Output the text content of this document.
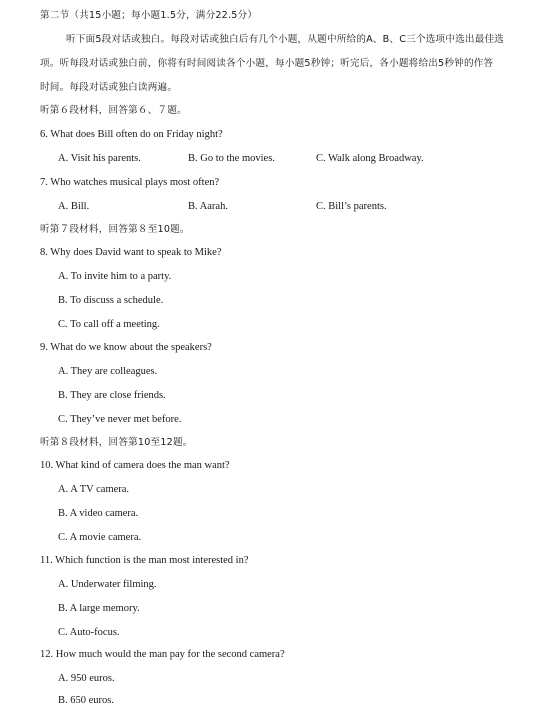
第二节（共15小题；每小题1.5分，满分22.5分）
听下面5段对话或独白。每段对话或独白后有几个小题，从题中所给的A、B、C三个选项中选出最佳选
项。听每段对话或独白前，你将有时间阅读各个小题，每小题5秒钟；听完后，各小题将给出5秒钟的作答
时间。每段对话或独白读两遍。
听第６段材料，回答第６、７题。
6. What does Bill often do on Friday night?
A. Visit his parents.	B. Go to the movies.	C. Walk along Broadway.
7. Who watches musical plays most often?
A. Bill.	B. Aarah.	C. Bill’s parents.
听第７段材料，回答第８至10题。
8. Why does David want to speak to Mike?
A. To invite him to a party.
B. To discuss a schedule.
C. To call off a meeting.
9. What do we know about the speakers?
A. They are colleagues.
B. They are close friends.
C. They’ve never met before.
听第８段材料，回答第10至12题。
10. What kind of camera does the man want?
A. A TV camera.
B. A video camera.
C. A movie camera.
11. Which function is the man most interested in?
A. Underwater filming.
B. A large memory.
C. Auto-focus.
12. How much would the man pay for the second camera?
A. 950 euros.
B. 650 euros.
